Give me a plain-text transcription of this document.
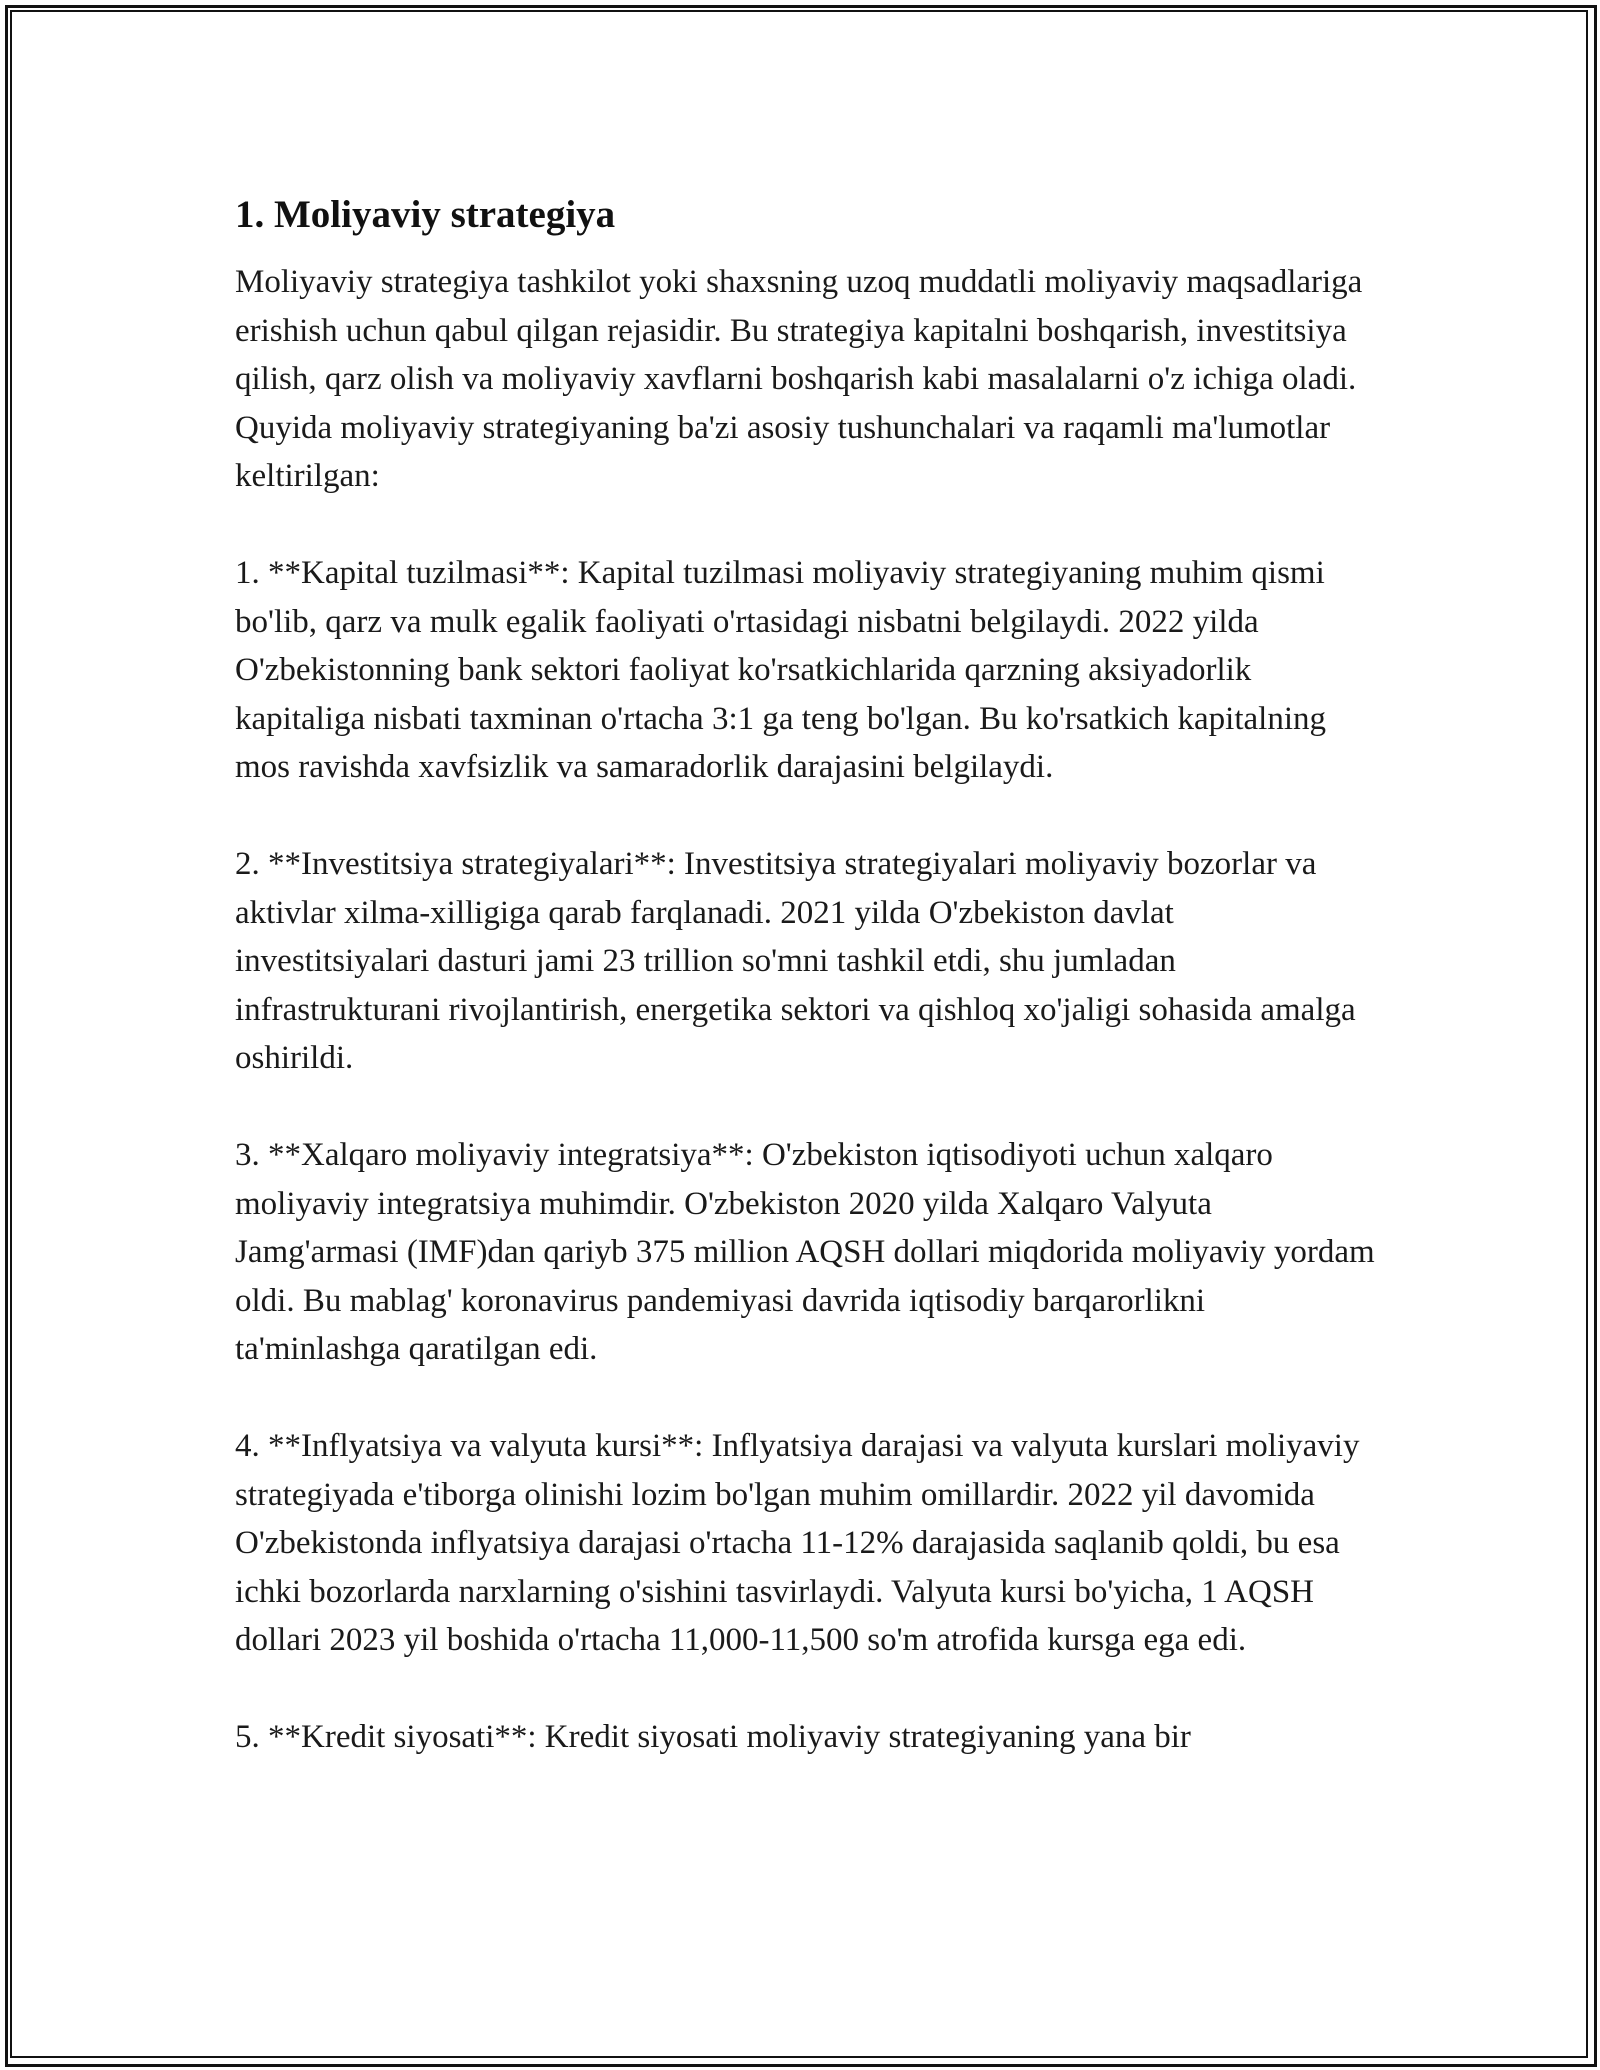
1. Moliyaviy strategiya

Moliyaviy strategiya tashkilot yoki shaxsning uzoq muddatli moliyaviy maqsadlariga erishish uchun qabul qilgan rejasidir. Bu strategiya kapitalni boshqarish, investitsiya qilish, qarz olish va moliyaviy xavflarni boshqarish kabi masalalarni o'z ichiga oladi. Quyida moliyaviy strategiyaning ba'zi asosiy tushunchalari va raqamli ma'lumotlar keltirilgan:

1. **Kapital tuzilmasi**: Kapital tuzilmasi moliyaviy strategiyaning muhim qismi bo'lib, qarz va mulk egalik faoliyati o'rtasidagi nisbatni belgilaydi. 2022 yilda O'zbekistonning bank sektori faoliyat ko'rsatkichlarida qarzning aksiyadorlik kapitaliga nisbati taxminan o'rtacha 3:1 ga teng bo'lgan. Bu ko'rsatkich kapitalning mos ravishda xavfsizlik va samaradorlik darajasini belgilaydi.

2. **Investitsiya strategiyalari**: Investitsiya strategiyalari moliyaviy bozorlar va aktivlar xilma-xilligiga qarab farqlanadi. 2021 yilda O'zbekiston davlat investitsiyalari dasturi jami 23 trillion so'mni tashkil etdi, shu jumladan infrastrukturani rivojlantirish, energetika sektori va qishloq xo'jaligi sohasida amalga oshirildi.

3. **Xalqaro moliyaviy integratsiya**: O'zbekiston iqtisodiyoti uchun xalqaro moliyaviy integratsiya muhimdir. O'zbekiston 2020 yilda Xalqaro Valyuta Jamg'armasi (IMF)dan qariyb 375 million AQSH dollari miqdorida moliyaviy yordam oldi. Bu mablag' koronavirus pandemiyasi davrida iqtisodiy barqarorlikni ta'minlashga qaratilgan edi.

4. **Inflyatsiya va valyuta kursi**: Inflyatsiya darajasi va valyuta kurslari moliyaviy strategiyada e'tiborga olinishi lozim bo'lgan muhim omillardir. 2022 yil davomida O'zbekistonda inflyatsiya darajasi o'rtacha 11-12% darajasida saqlanib qoldi, bu esa ichki bozorlarda narxlarning o'sishini tasvirlaydi. Valyuta kursi bo'yicha, 1 AQSH dollari 2023 yil boshida o'rtacha 11,000-11,500 so'm atrofida kursga ega edi.

5. **Kredit siyosati**: Kredit siyosati moliyaviy strategiyaning yana bir
